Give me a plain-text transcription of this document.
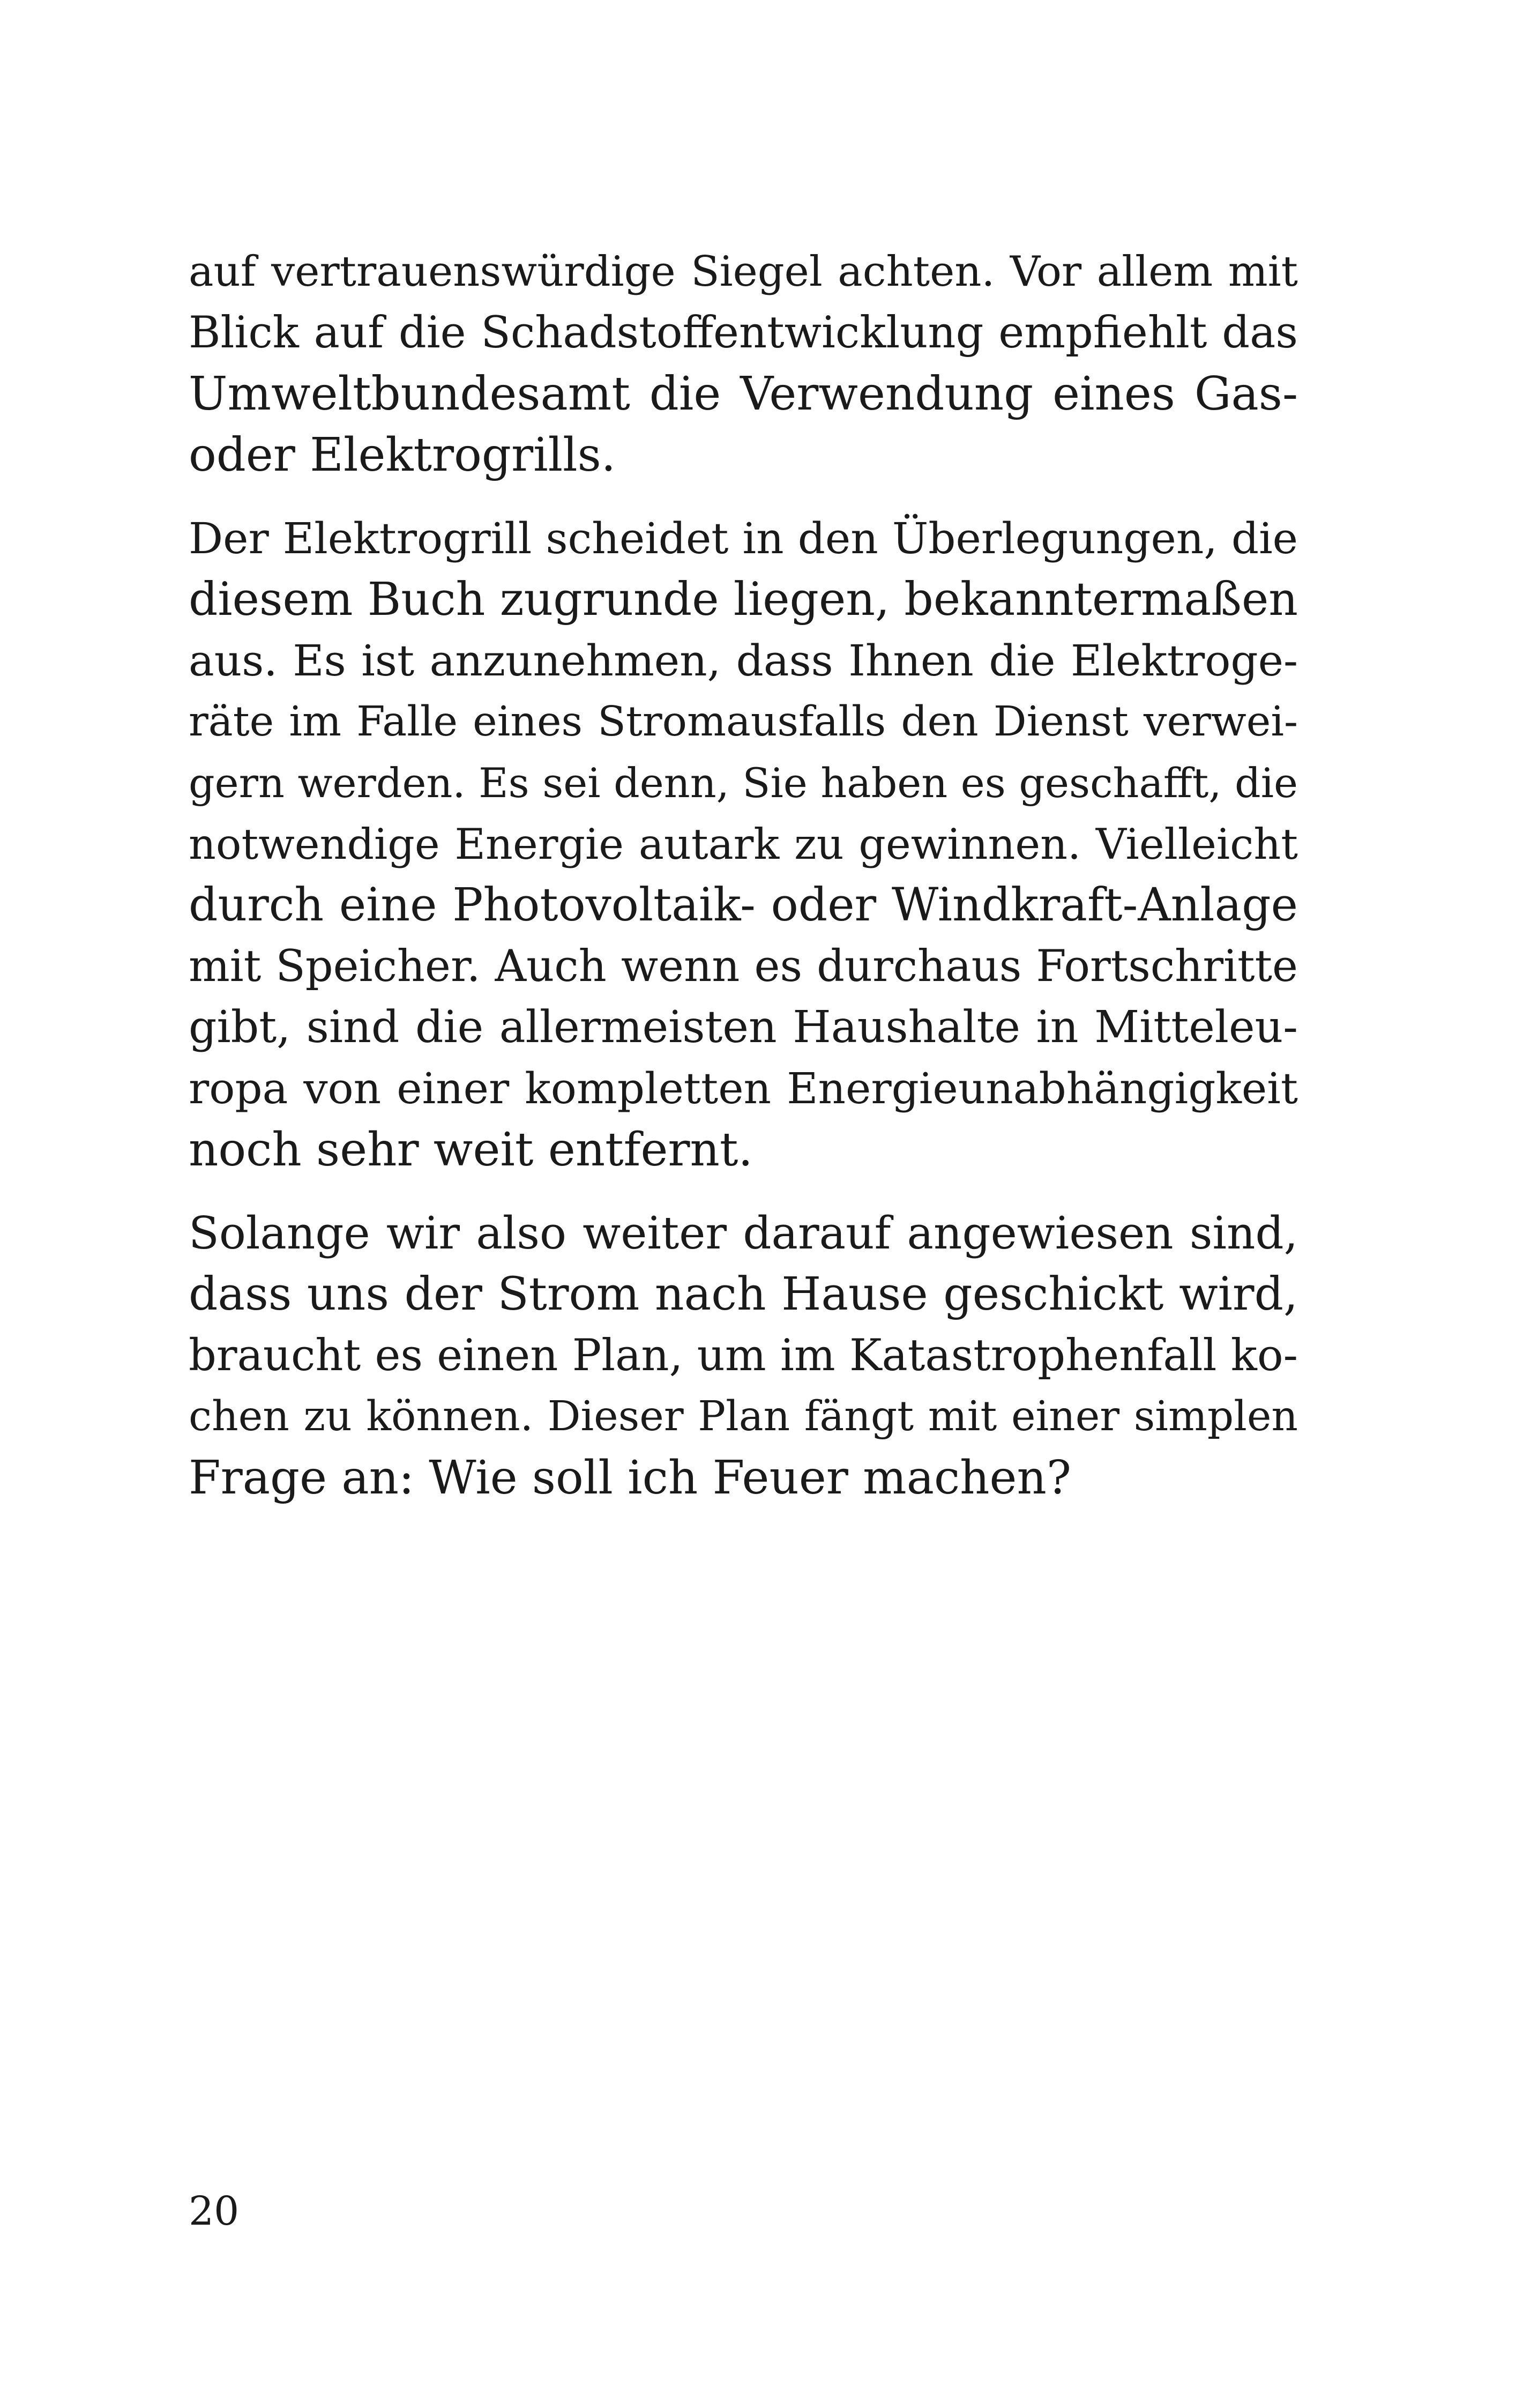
auf vertrauenswürdige Siegel achten. Vor allem mit
Blick auf die Schadstoffentwicklung empfiehlt das
Umweltbundesamt die Verwendung eines Gas-
oder Elektrogrills.
Der Elektrogrill scheidet in den Überlegungen, die
diesem Buch zugrunde liegen, bekanntermaßen
aus. Es ist anzunehmen, dass Ihnen die Elektroge-
räte im Falle eines Stromausfalls den Dienst verwei-
gern werden. Es sei denn, Sie haben es geschafft, die
notwendige Energie autark zu gewinnen. Vielleicht
durch eine Photovoltaik- oder Windkraft-Anlage
mit Speicher. Auch wenn es durchaus Fortschritte
gibt, sind die allermeisten Haushalte in Mitteleu-
ropa von einer kompletten Energieunabhängigkeit
noch sehr weit entfernt.
Solange wir also weiter darauf angewiesen sind,
dass uns der Strom nach Hause geschickt wird,
braucht es einen Plan, um im Katastrophenfall ko-
chen zu können. Dieser Plan fängt mit einer simplen
Frage an: Wie soll ich Feuer machen?
20
